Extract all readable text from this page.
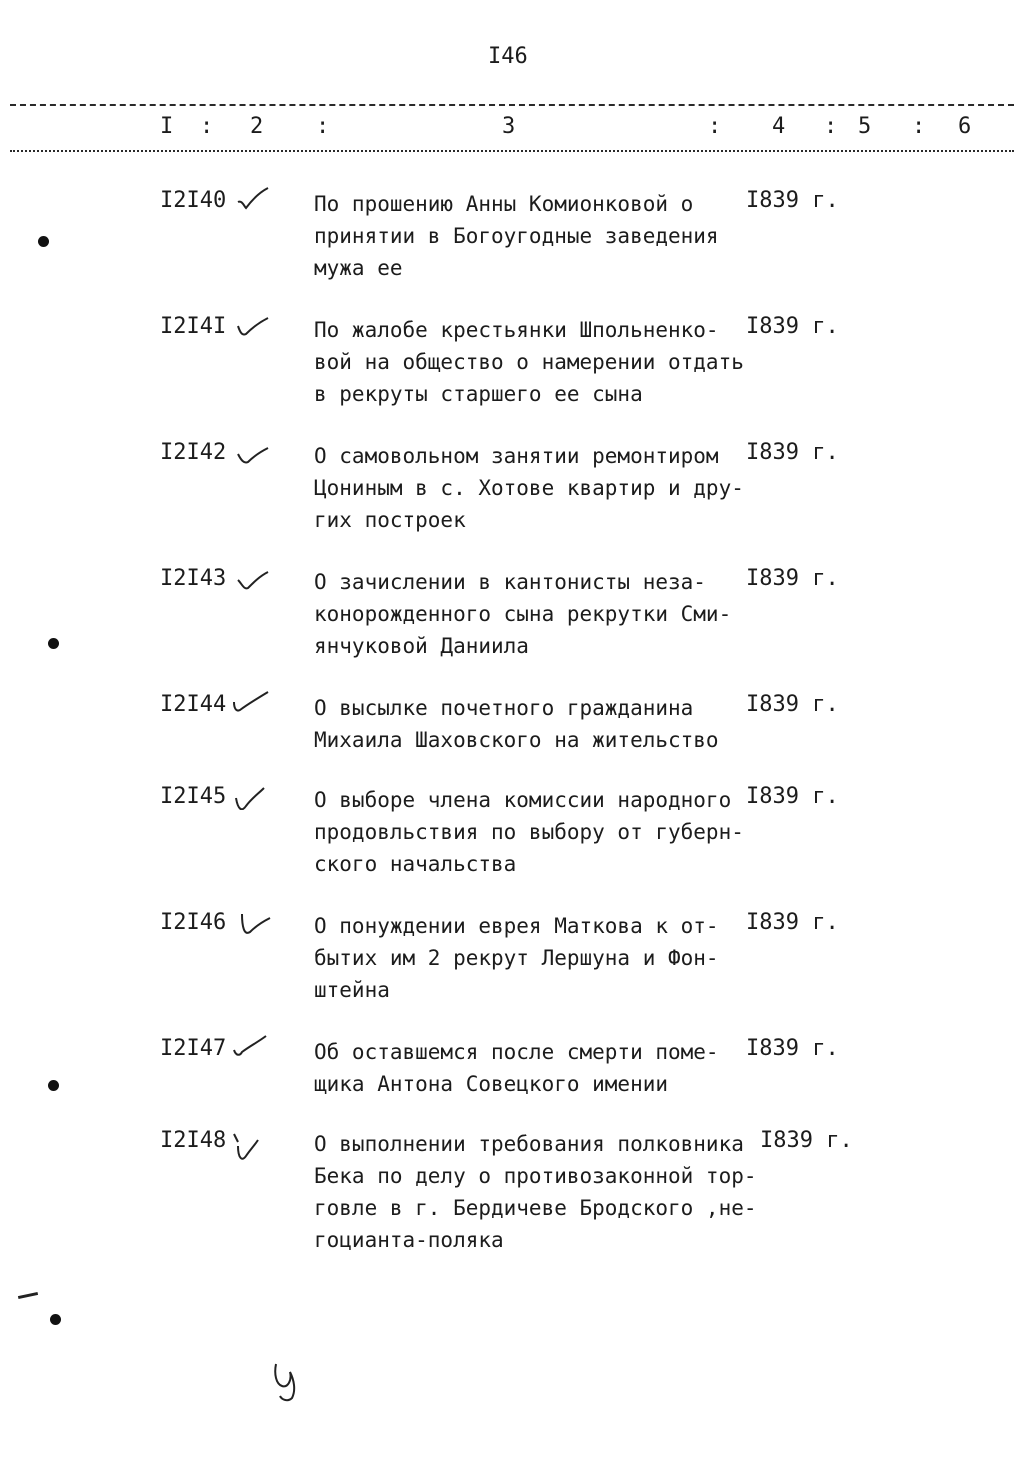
I46
I : 2 :	3	: 4 : 5 : 6
I2I40	По прошению Анны Комионковой о
принятии в Богоугодные заведения
мужа ее
I839 г.
I2I4I	По жалобе крестьянки Шпольненко-
вой на общество о намерении отдать
в рекруты старшего ее сына
I839 г.
I2I42	О самовольном занятии ремонтиром
Цониным в с. Хотове квартир и дру-
гих построек
I839 г.
I2I43	О зачислении в кантонисты неза-
конорожденного сына рекрутки Сми-
янчуковой Даниила
I839 г.
I2I44	О высылке почетного гражданина
Михаила Шаховского на жительство
I839 г.
I2I45	О выборе члена комиссии народного
продовльствия по выбору от губерн-
ского начальства
I839 г.
I2I46	О понуждении еврея Маткова к от-
бытих им 2 рекрут Лершуна и Фон-
штейна
I839 г.
I2I47	Об оставшемся после смерти поме-
щика Антона Совецкого имении
I839 г.
I2I48	О выполнении требования полковника
Бека по делу о противозаконной тор-
говле в г. Бердичеве Бродского ,не-
гоцианта-поляка
I839 г.
